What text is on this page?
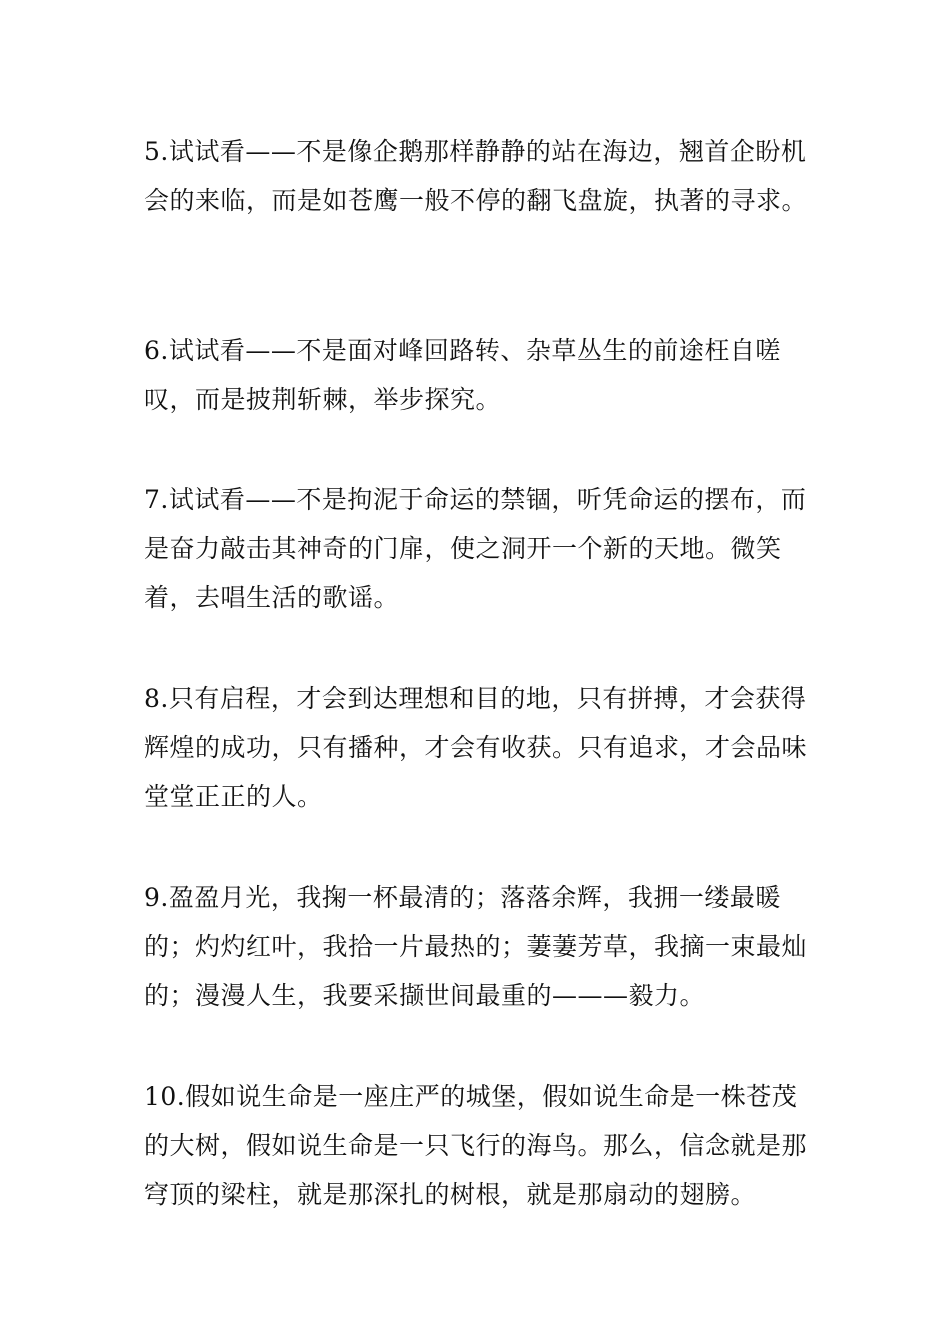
5.试试看——不是像企鹅那样静静的站在海边，翘首企盼机会的来临，而是如苍鹰一般不停的翻飞盘旋，执著的寻求。

6.试试看——不是面对峰回路转、杂草丛生的前途枉自嗟叹，而是披荆斩棘，举步探究。

7.试试看——不是拘泥于命运的禁锢，听凭命运的摆布，而是奋力敲击其神奇的门扉，使之洞开一个新的天地。微笑着，去唱生活的歌谣。

8.只有启程，才会到达理想和目的地，只有拼搏，才会获得辉煌的成功，只有播种，才会有收获。只有追求，才会品味堂堂正正的人。

9.盈盈月光，我掬一杯最清的；落落余辉，我拥一缕最暖的；灼灼红叶，我拾一片最热的；萋萋芳草，我摘一束最灿的；漫漫人生，我要采撷世间最重的———毅力。

10.假如说生命是一座庄严的城堡，假如说生命是一株苍茂的大树，假如说生命是一只飞行的海鸟。那么，信念就是那穹顶的梁柱，就是那深扎的树根，就是那扇动的翅膀。
